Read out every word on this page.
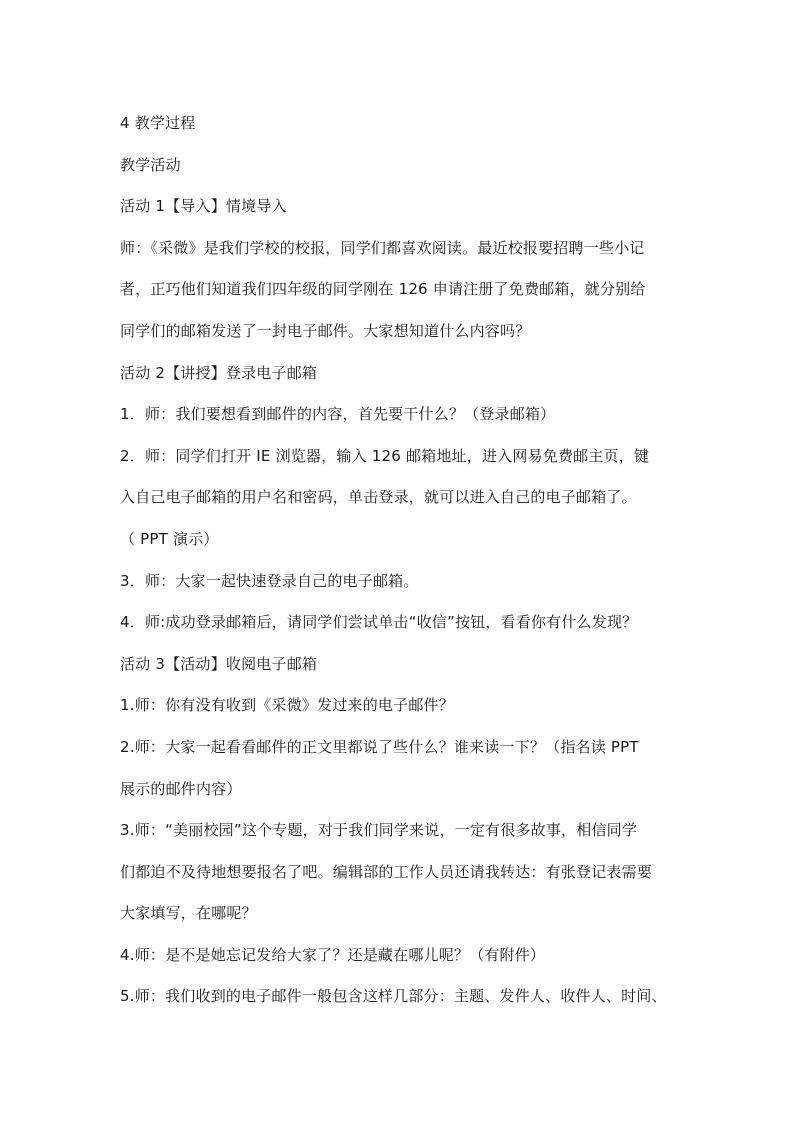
4 教学过程
教学活动
活动 1【导入】情境导入
师：《采微》是我们学校的校报，同学们都喜欢阅读。最近校报要招聘一些小记
者，正巧他们知道我们四年级的同学刚在 126 申请注册了免费邮箱，就分别给
同学们的邮箱发送了一封电子邮件。大家想知道什么内容吗？
活动 2【讲授】登录电子邮箱
1．师：我们要想看到邮件的内容，首先要干什么？（登录邮箱）
2．师：同学们打开 IE 浏览器，输入 126 邮箱地址，进入网易免费邮主页，键
入自己电子邮箱的用户名和密码，单击登录，就可以进入自己的电子邮箱了。
（ PPT 演示）
3．师：大家一起快速登录自己的电子邮箱。
4．师:成功登录邮箱后，请同学们尝试单击“收信”按钮，看看你有什么发现？
活动 3【活动】收阅电子邮箱
1.师：你有没有收到《采微》发过来的电子邮件？
2.师：大家一起看看邮件的正文里都说了些什么？谁来读一下？（指名读 PPT
展示的邮件内容）
3.师：“美丽校园”这个专题，对于我们同学来说，一定有很多故事，相信同学
们都迫不及待地想要报名了吧。编辑部的工作人员还请我转达：有张登记表需要
大家填写，在哪呢？
4.师：是不是她忘记发给大家了？还是藏在哪儿呢？（有附件）
5.师：我们收到的电子邮件一般包含这样几部分：主题、发件人、收件人、时间、
